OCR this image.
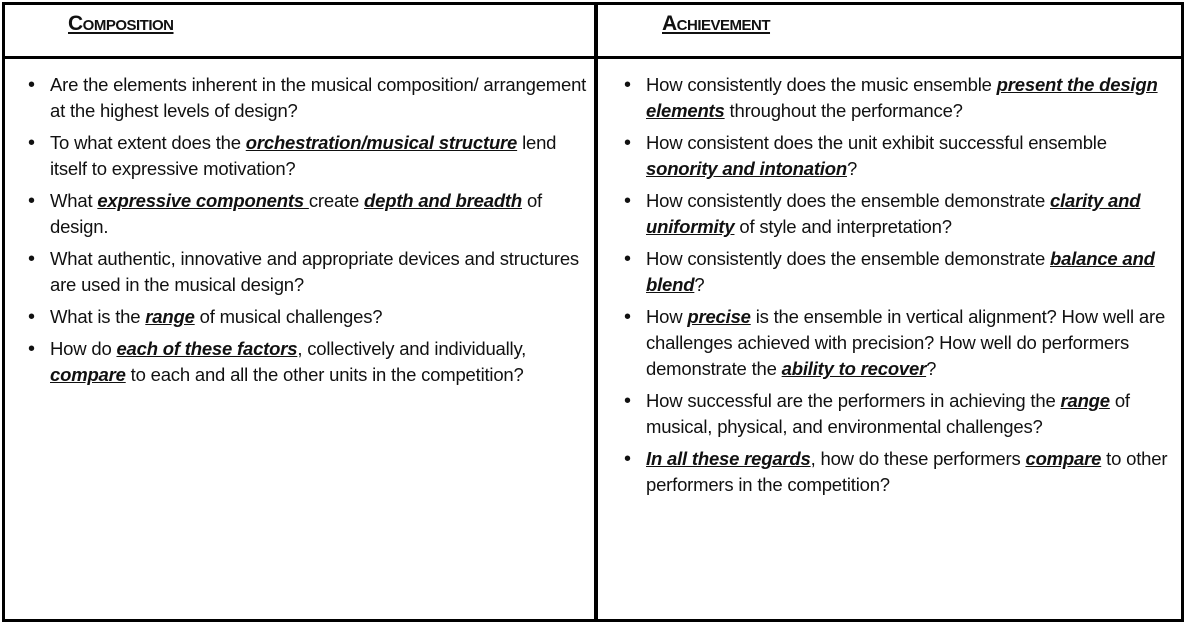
Composition	Achievement
• Are the elements inherent in the musical composition/ arrangement at the highest levels of design?
• To what extent does the orchestration/musical structure lend itself to expressive motivation?
• What expressive components create depth and breadth of design.
• What authentic, innovative and appropriate devices and structures are used in the musical design?
• What is the range of musical challenges?
• How do each of these factors, collectively and individually, compare to each and all the other units in the competition?
• How consistently does the music ensemble present the design elements throughout the performance?
• How consistent does the unit exhibit successful ensemble sonority and intonation?
• How consistently does the ensemble demonstrate clarity and uniformity of style and interpretation?
• How consistently does the ensemble demonstrate balance and blend?
• How precise is the ensemble in vertical alignment? How well are challenges achieved with precision? How well do performers demonstrate the ability to recover?
• How successful are the performers in achieving the range of musical, physical, and environmental challenges?
• In all these regards, how do these performers compare to other performers in the competition?
